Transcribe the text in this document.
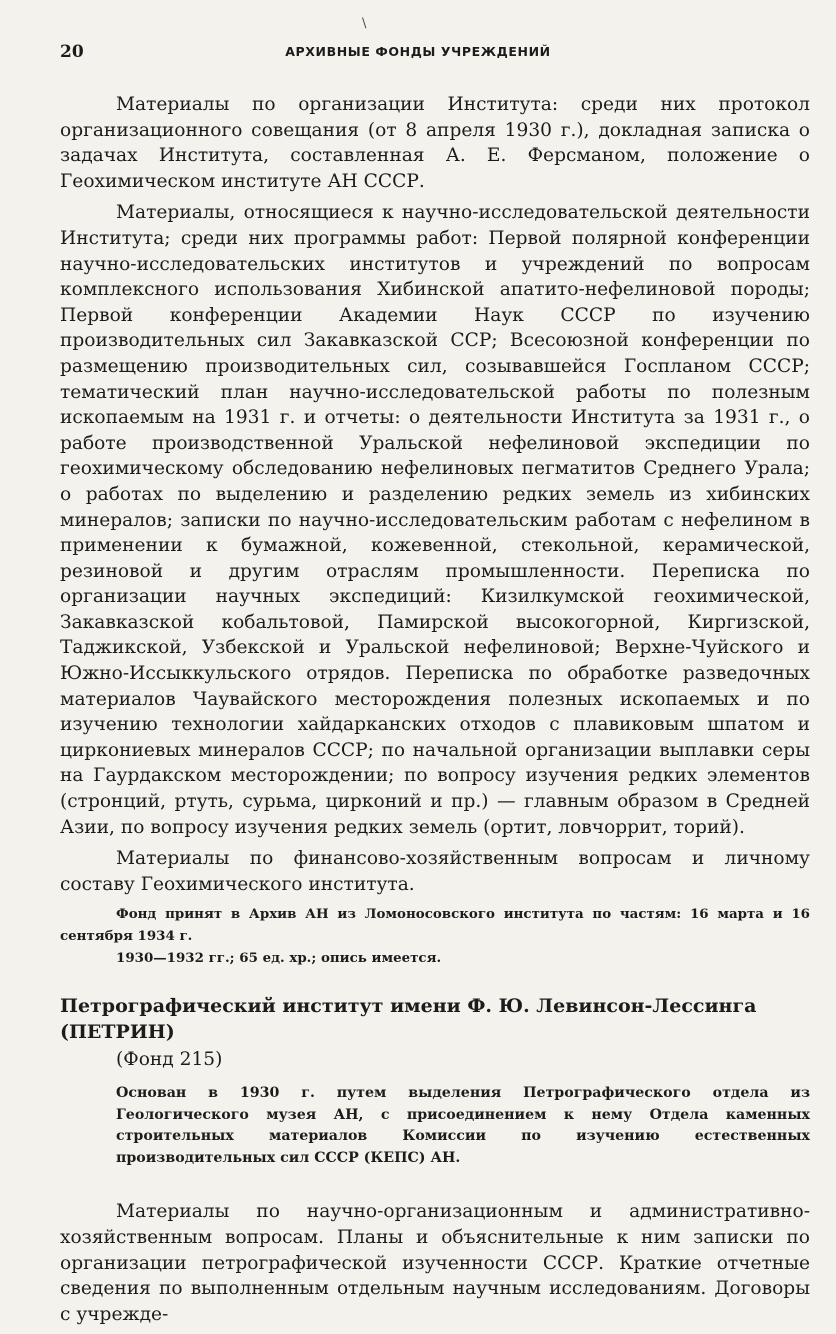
\
20	АРХИВНЫЕ ФОНДЫ УЧРЕЖДЕНИЙ

Материалы по организации Института: среди них протокол организационного совещания (от 8 апреля 1930 г.), докладная записка о задачах Института, составленная А. Е. Ферсманом, положение о Геохимическом институте АН СССР.

Материалы, относящиеся к научно-исследовательской деятельности Института; среди них программы работ: Первой полярной конференции научно-исследовательских институтов и учреждений по вопросам комплексного использования Хибинской апатито-нефелиновой породы; Первой конференции Академии Наук СССР по изучению производительных сил Закавказской ССР; Всесоюзной конференции по размещению производительных сил, созывавшейся Госпланом СССР; тематический план научно-исследовательской работы по полезным ископаемым на 1931 г. и отчеты: о деятельности Института за 1931 г., о работе производственной Уральской нефелиновой экспедиции по геохимическому обследованию нефелиновых пегматитов Среднего Урала; о работах по выделению и разделению редких земель из хибинских минералов; записки по научно-исследовательским работам с нефелином в применении к бумажной, кожевенной, стекольной, керамической, резиновой и другим отраслям промышленности. Переписка по организации научных экспедиций: Кизилкумской геохимической, Закавказской кобальтовой, Памирской высокогорной, Киргизской, Таджикской, Узбекской и Уральской нефелиновой; Верхне-Чуйского и Южно-Иссыккульского отрядов. Переписка по обработке разведочных материалов Чаувайского месторождения полезных ископаемых и по изучению технологии хайдарканских отходов с плавиковым шпатом и циркониевых минералов СССР; по начальной организации выплавки серы на Гаурдакском месторождении; по вопросу изучения редких элементов (стронций, ртуть, сурьма, цирконий и пр.) — главным образом в Средней Азии, по вопросу изучения редких земель (ортит, ловчоррит, торий).

Материалы по финансово-хозяйственным вопросам и личному составу Геохимического института.

Фонд принят в Архив АН из Ломоносовского института по частям: 16 марта и 16 сентября 1934 г.

1930—1932 гг.; 65 ед. хр.; опись имеется.

Петрографический институт имени Ф. Ю. Левинсон-Лессинга (ПЕТРИН)
(Фонд 215)

Основан в 1930 г. путем выделения Петрографического отдела из Геологического музея АН, с присоединением к нему Отдела каменных строительных материалов Комиссии по изучению естественных производительных сил СССР (КЕПС) АН.

Материалы по научно-организационным и административно-хозяйственным вопросам. Планы и объяснительные к ним записки по организации петрографической изученности СССР. Краткие отчетные сведения по выполненным отдельным научным исследованиям. Договоры с учрежде-
